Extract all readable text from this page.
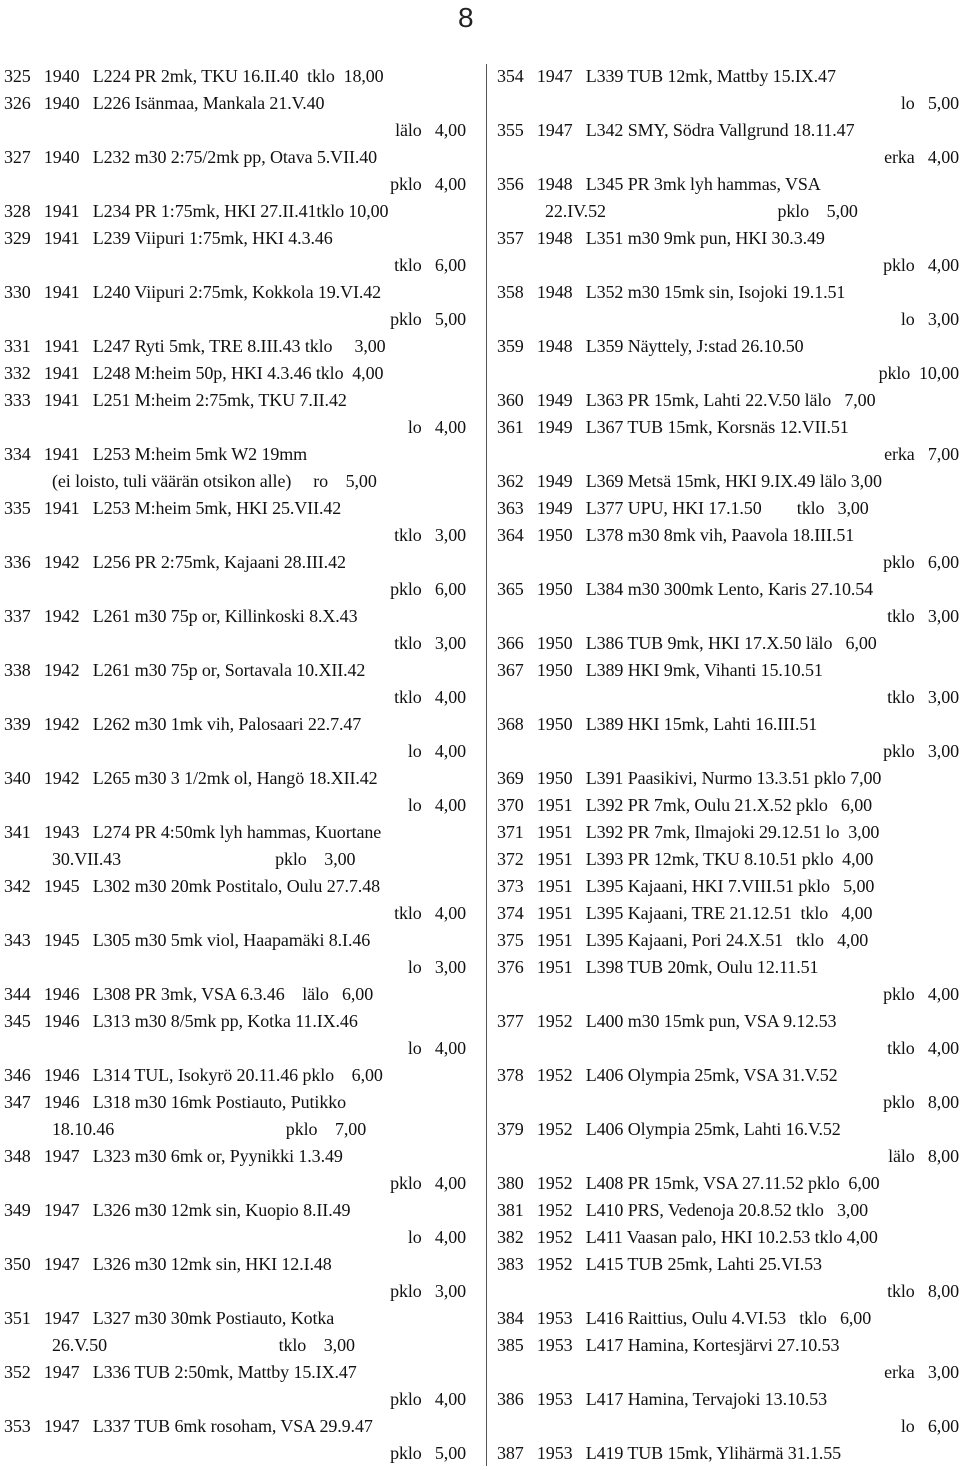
8
325   1940   L224 PR 2mk, TKU 16.II.40  tklo  18,00
326   1940   L226 Isänmaa, Mankala 21.V.40
lälo   4,00
327   1940   L232 m30 2:75/2mk pp, Otava 5.VII.40
pklo   4,00
328   1941   L234 PR 1:75mk, HKI 27.II.41tklo 10,00
329   1941   L239 Viipuri 1:75mk, HKI 4.3.46
tklo   6,00
330   1941   L240 Viipuri 2:75mk, Kokkola 19.VI.42
pklo   5,00
331   1941   L247 Ryti 5mk, TRE 8.III.43 tklo     3,00
332   1941   L248 M:heim 50p, HKI 4.3.46 tklo  4,00
333   1941   L251 M:heim 2:75mk, TKU 7.II.42
lo   4,00
334   1941   L253 M:heim 5mk W2 19mm
(ei loisto, tuli väärän otsikon alle)     ro    5,00
335   1941   L253 M:heim 5mk, HKI 25.VII.42
tklo   3,00
336   1942   L256 PR 2:75mk, Kajaani 28.III.42
pklo   6,00
337   1942   L261 m30 75p or, Killinkoski 8.X.43
tklo   3,00
338   1942   L261 m30 75p or, Sortavala 10.XII.42
tklo   4,00
339   1942   L262 m30 1mk vih, Palosaari 22.7.47
lo   4,00
340   1942   L265 m30 3 1/2mk ol, Hangö 18.XII.42
lo   4,00
341   1943   L274 PR 4:50mk lyh hammas, Kuortane
30.VII.43                                   pklo    3,00
342   1945   L302 m30 20mk Postitalo, Oulu 27.7.48
tklo   4,00
343   1945   L305 m30 5mk viol, Haapamäki 8.I.46
lo   3,00
344   1946   L308 PR 3mk, VSA 6.3.46    lälo   6,00
345   1946   L313 m30 8/5mk pp, Kotka 11.IX.46
lo   4,00
346   1946   L314 TUL, Isokyrö 20.11.46 pklo    6,00
347   1946   L318 m30 16mk Postiauto, Putikko
18.10.46                                       pklo    7,00
348   1947   L323 m30 6mk or, Pyynikki 1.3.49
pklo   4,00
349   1947   L326 m30 12mk sin, Kuopio 8.II.49
lo   4,00
350   1947   L326 m30 12mk sin, HKI 12.I.48
pklo   3,00
351   1947   L327 m30 30mk Postiauto, Kotka
26.V.50                                       tklo    3,00
352   1947   L336 TUB 2:50mk, Mattby 15.IX.47
pklo   4,00
353   1947   L337 TUB 6mk rosoham, VSA 29.9.47
pklo   5,00
354   1947   L339 TUB 12mk, Mattby 15.IX.47
lo   5,00
355   1947   L342 SMY, Södra Vallgrund 18.11.47
erka   4,00
356   1948   L345 PR 3mk lyh hammas, VSA
22.IV.52                                       pklo    5,00
357   1948   L351 m30 9mk pun, HKI 30.3.49
pklo   4,00
358   1948   L352 m30 15mk sin, Isojoki 19.1.51
lo   3,00
359   1948   L359 Näyttely, J:stad 26.10.50
pklo  10,00
360   1949   L363 PR 15mk, Lahti 22.V.50 lälo   7,00
361   1949   L367 TUB 15mk, Korsnäs 12.VII.51
erka   7,00
362   1949   L369 Metsä 15mk, HKI 9.IX.49 lälo 3,00
363   1949   L377 UPU, HKI 17.1.50        tklo   3,00
364   1950   L378 m30 8mk vih, Paavola 18.III.51
pklo   6,00
365   1950   L384 m30 300mk Lento, Karis 27.10.54
tklo   3,00
366   1950   L386 TUB 9mk, HKI 17.X.50 lälo   6,00
367   1950   L389 HKI 9mk, Vihanti 15.10.51
tklo   3,00
368   1950   L389 HKI 15mk, Lahti 16.III.51
pklo   3,00
369   1950   L391 Paasikivi, Nurmo 13.3.51 pklo 7,00
370   1951   L392 PR 7mk, Oulu 21.X.52 pklo   6,00
371   1951   L392 PR 7mk, Ilmajoki 29.12.51 lo  3,00
372   1951   L393 PR 12mk, TKU 8.10.51 pklo  4,00
373   1951   L395 Kajaani, HKI 7.VIII.51 pklo   5,00
374   1951   L395 Kajaani, TRE 21.12.51  tklo   4,00
375   1951   L395 Kajaani, Pori 24.X.51   tklo   4,00
376   1951   L398 TUB 20mk, Oulu 12.11.51
pklo   4,00
377   1952   L400 m30 15mk pun, VSA 9.12.53
tklo   4,00
378   1952   L406 Olympia 25mk, VSA 31.V.52
pklo   8,00
379   1952   L406 Olympia 25mk, Lahti 16.V.52
lälo   8,00
380   1952   L408 PR 15mk, VSA 27.11.52 pklo  6,00
381   1952   L410 PRS, Vedenoja 20.8.52 tklo   3,00
382   1952   L411 Vaasan palo, HKI 10.2.53 tklo 4,00
383   1952   L415 TUB 25mk, Lahti 25.VI.53
tklo   8,00
384   1953   L416 Raittius, Oulu 4.VI.53   tklo   6,00
385   1953   L417 Hamina, Kortesjärvi 27.10.53
erka   3,00
386   1953   L417 Hamina, Tervajoki 13.10.53
lo   6,00
387   1953   L419 TUB 15mk, Ylihärmä 31.1.55
